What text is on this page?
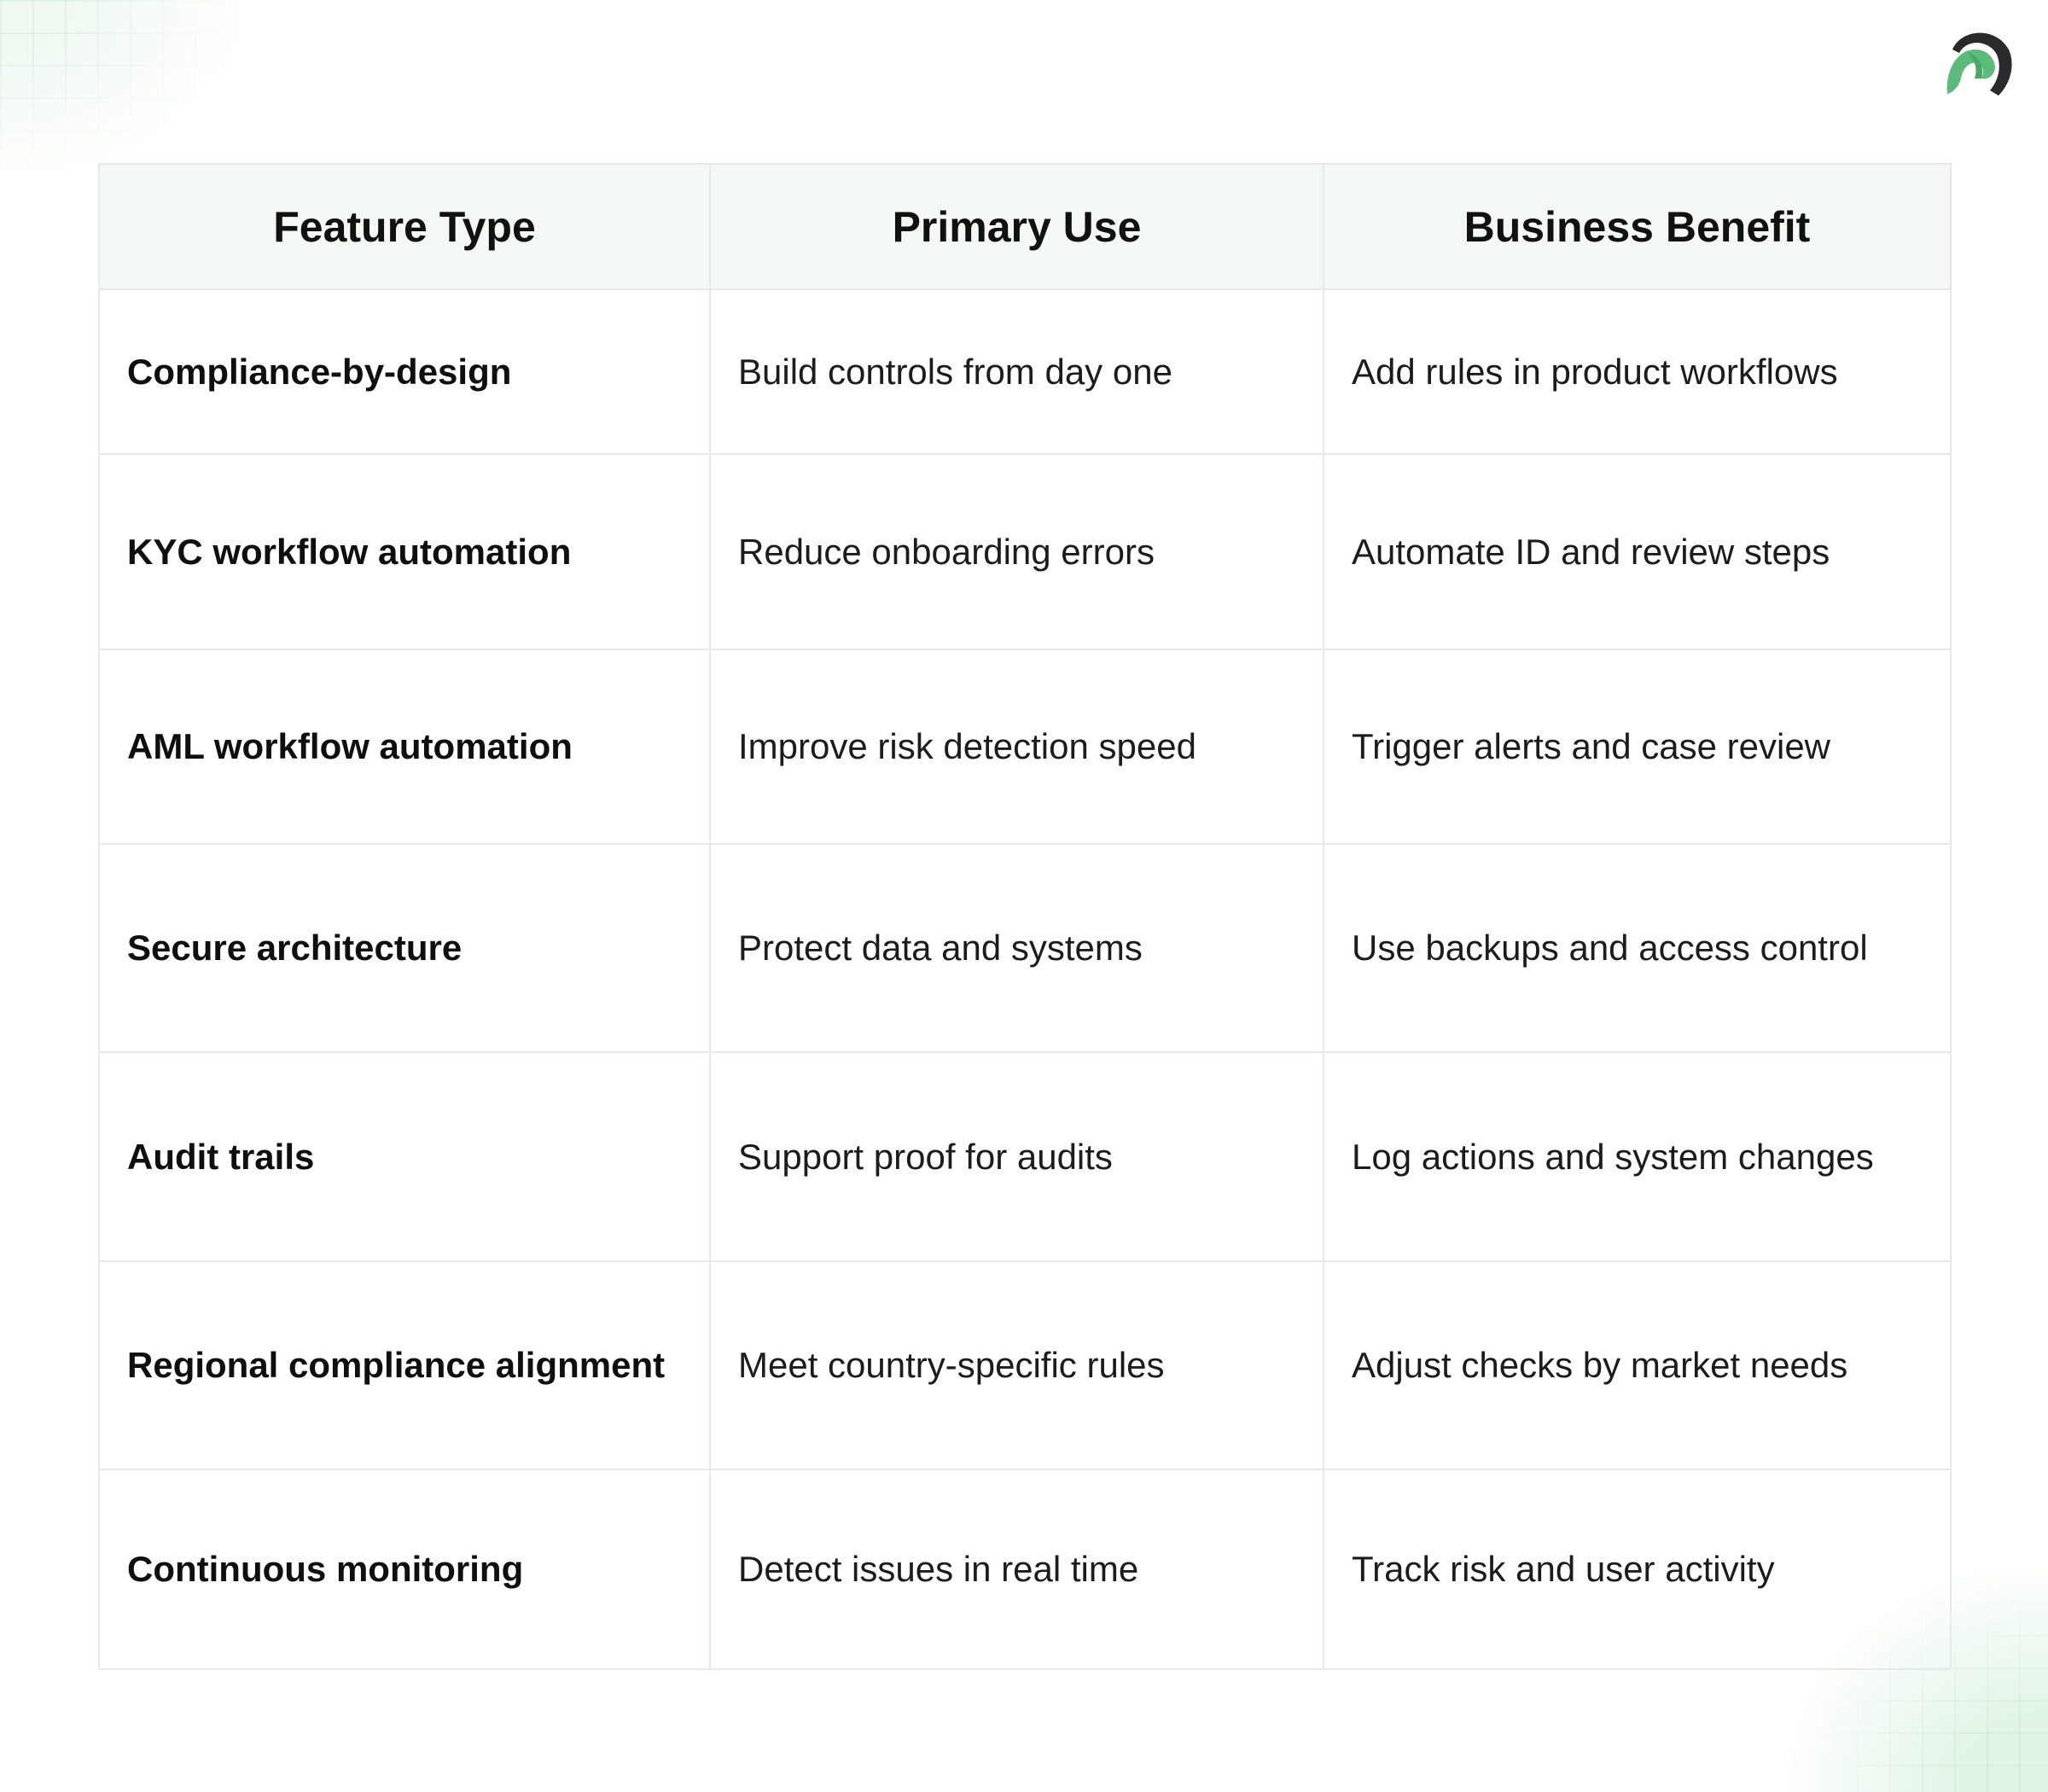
Feature Type	Primary Use	Business Benefit
Compliance-by-design	Build controls from day one	Add rules in product workflows
KYC workflow automation	Reduce onboarding errors	Automate ID and review steps
AML workflow automation	Improve risk detection speed	Trigger alerts and case review
Secure architecture	Protect data and systems	Use backups and access control
Audit trails	Support proof for audits	Log actions and system changes
Regional compliance alignment	Meet country-specific rules	Adjust checks by market needs
Continuous monitoring	Detect issues in real time	Track risk and user activity
